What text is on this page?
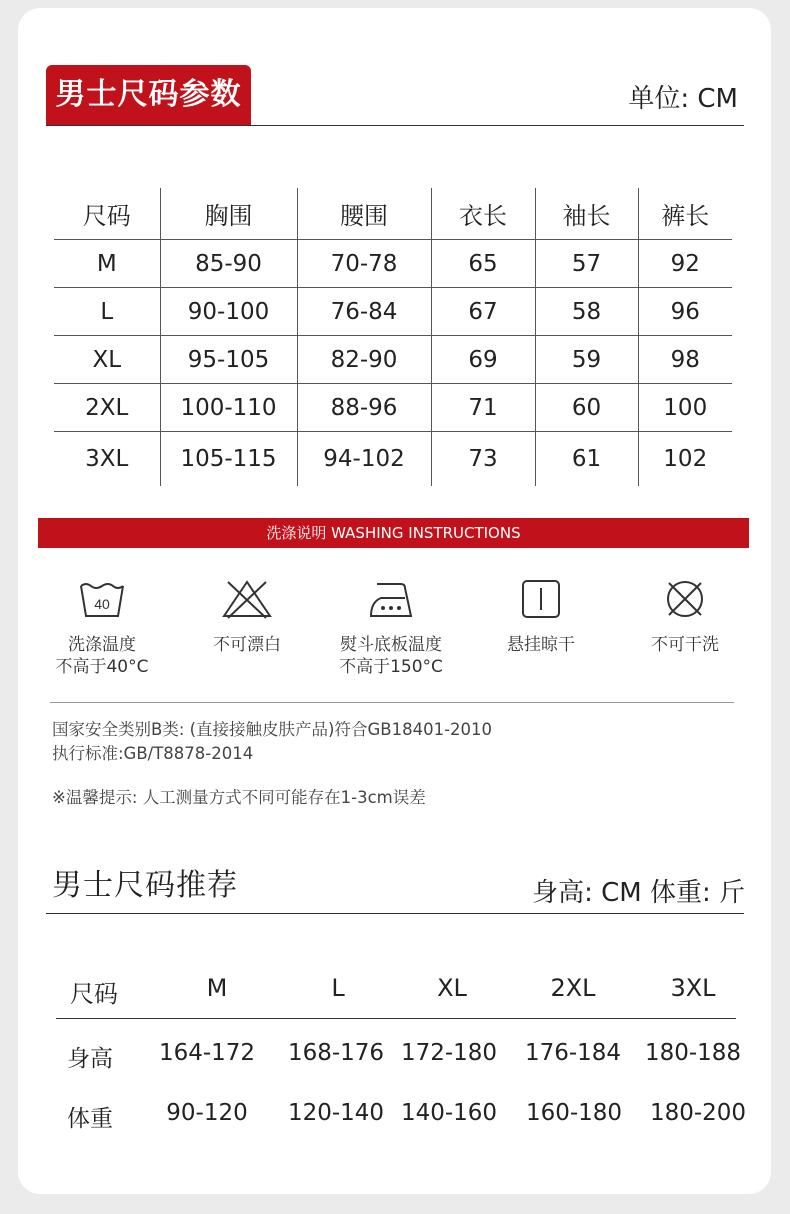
男士尺码参数	单位: CM
尺码	胸围	腰围	衣长	袖长	裤长
M	85-90	70-78	65	57	92
L	90-100	76-84	67	58	96
XL	95-105	82-90	69	59	98
2XL	100-110	88-96	71	60	100
3XL	105-115	94-102	73	61	102
洗涤说明 WASHING INSTRUCTIONS
40
洗涤温度
不高于40°C
不可漂白	熨斗底板温度
不高于150°C
悬挂晾干	不可干洗
国家安全类别B类: (直接接触皮肤产品)符合GB18401-2010
执行标准:GB/T8878-2014
※温馨提示: 人工测量方式不同可能存在1-3cm误差
男士尺码推荐	身高: CM 体重: 斤
尺码	M	L	XL	2XL	3XL
身高	164-172	168-176 172-180	176-184	180-188
体重	90-120	120-140 140-160	160-180	180-200
